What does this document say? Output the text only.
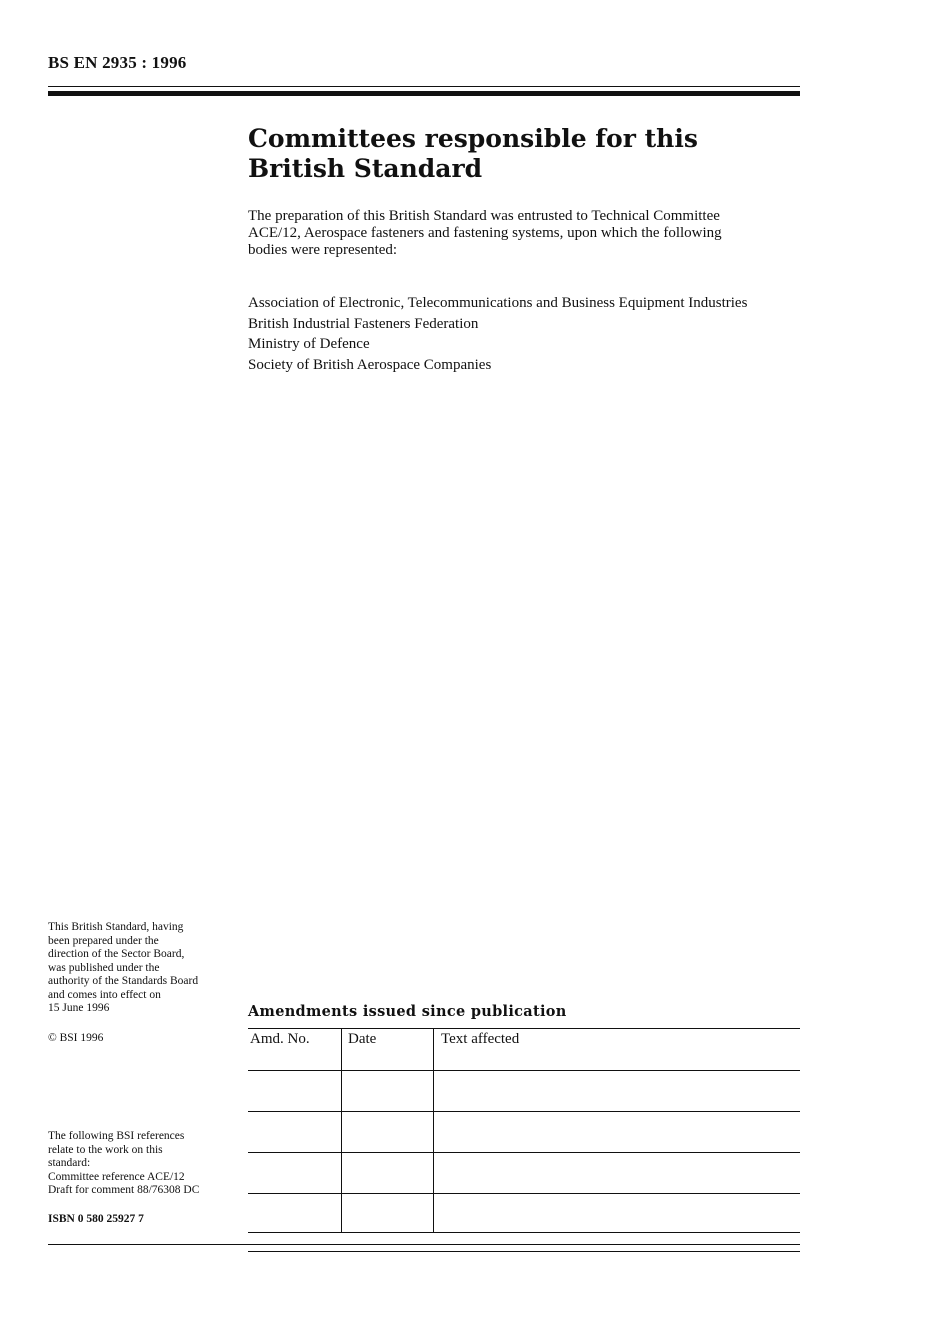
BS EN 2935 : 1996
Committees responsible for this
British Standard
The preparation of this British Standard was entrusted to Technical Committee
ACE/12, Aerospace fasteners and fastening systems, upon which the following
bodies were represented:
Association of Electronic, Telecommunications and Business Equipment Industries
British Industrial Fasteners Federation
Ministry of Defence
Society of British Aerospace Companies
This British Standard, having
been prepared under the
direction of the Sector Board,
was published under the
authority of the Standards Board
and comes into effect on
15 June 1996
© BSI 1996
The following BSI references
relate to the work on this
standard:
Committee reference ACE/12
Draft for comment 88/76308 DC
ISBN 0 580 25927 7
Amendments issued since publication
Amd. No.	Date	Text affected
